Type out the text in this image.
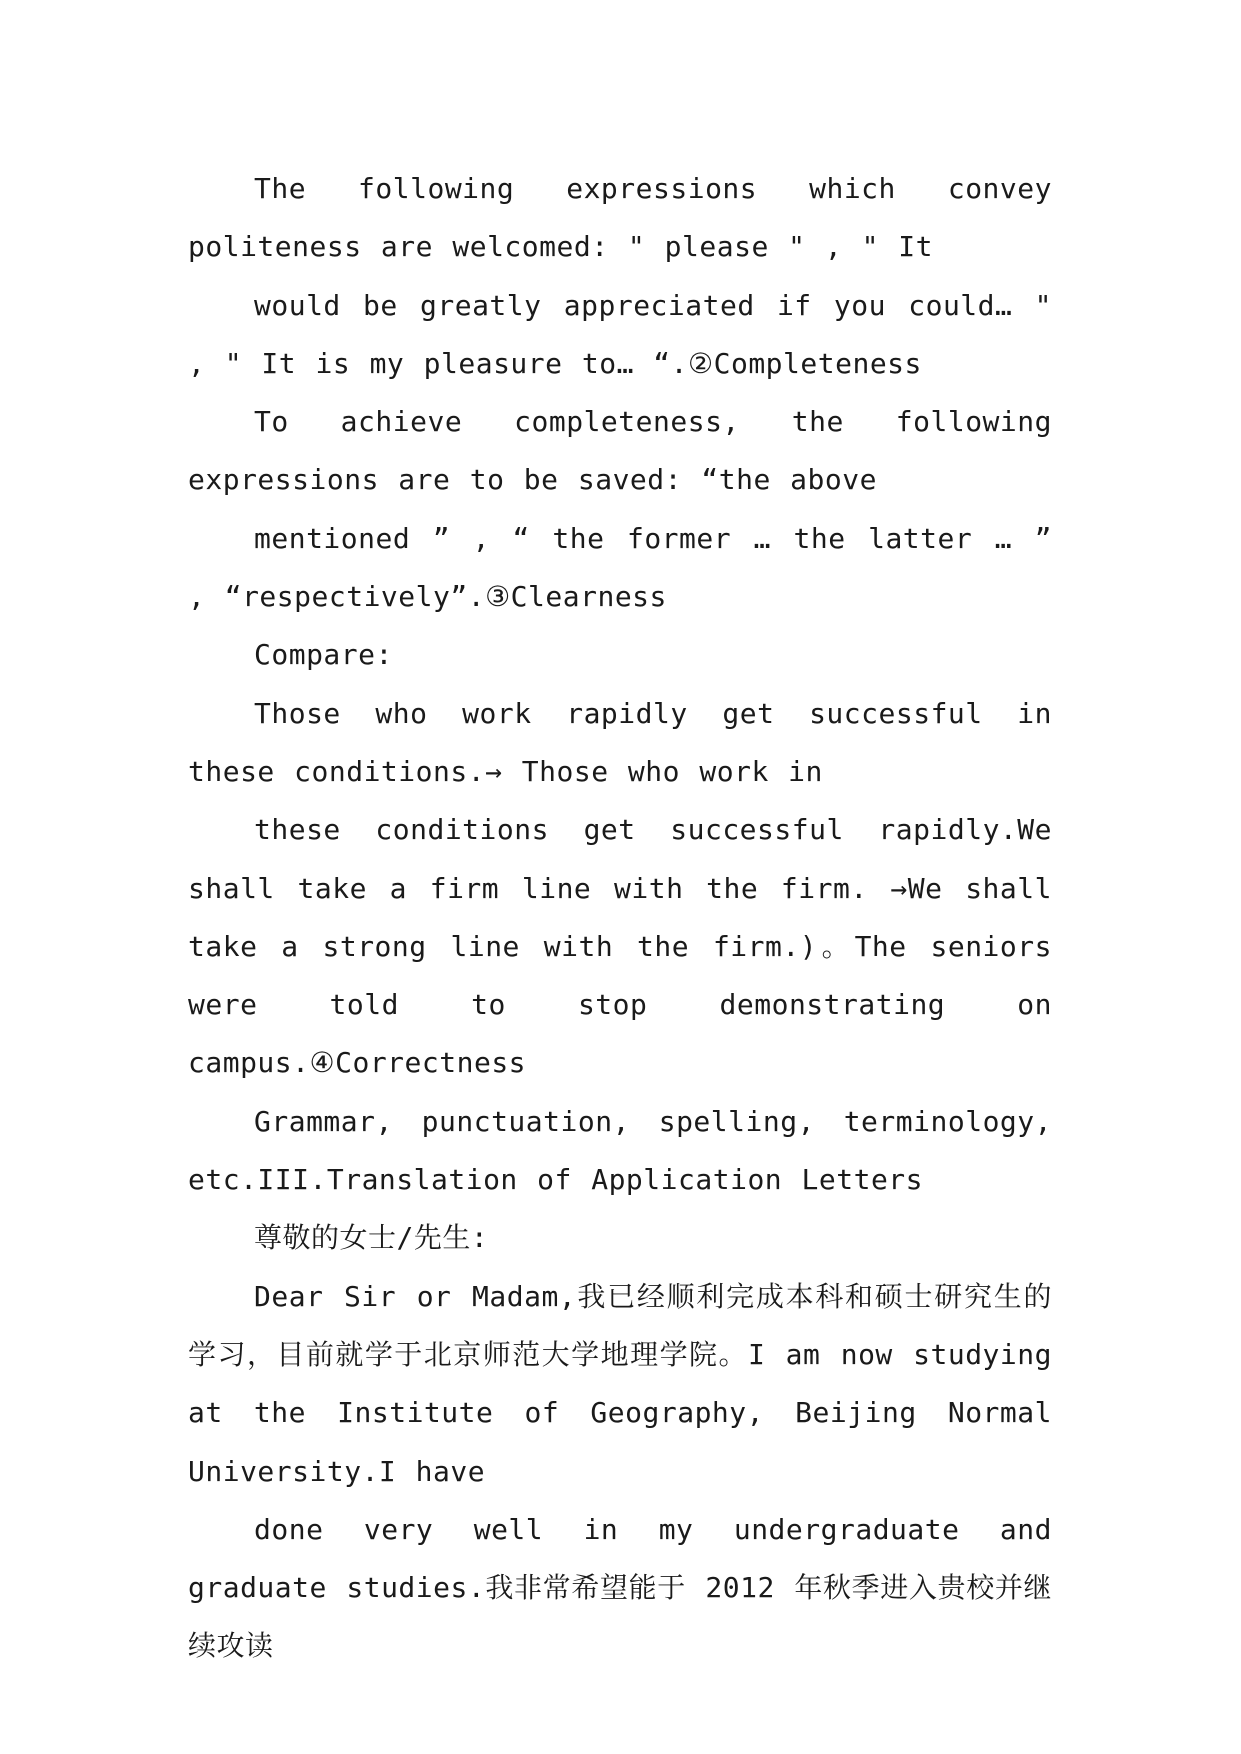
The following expressions which convey politeness are welcomed: " please " , " It

would be greatly appreciated if you could… " , " It is my pleasure to… “.②Completeness

To achieve completeness, the following expressions are to be saved: “the above

mentioned ” , “ the former … the latter … ” , “respectively”.③Clearness

Compare:

Those who work rapidly get successful in these conditions.→ Those who work in

these conditions get successful rapidly.We shall take a firm line with the firm. →We shall take a strong line with the firm.)。The seniors were told to stop demonstrating on campus.④Correctness

Grammar, punctuation, spelling, terminology, etc.III.Translation of Application Letters

尊敬的女士/先生:

Dear Sir or Madam,我已经顺利完成本科和硕士研究生的学习，目前就学于北京师范大学地理学院。I am now studying at the Institute of Geography, Beijing Normal University.I have

done very well in my undergraduate and graduate studies.我非常希望能于 2012 年秋季进入贵校并继续攻读
